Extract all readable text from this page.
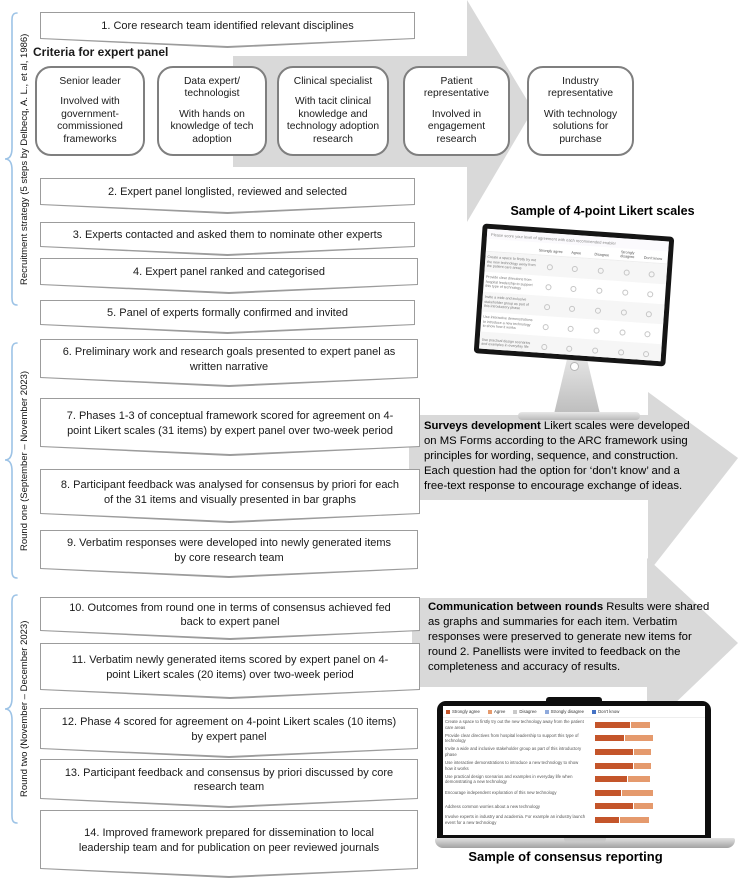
Recruitment strategy (5 steps by Delbecq, A. L., et al, 1986)
Round one (September – November 2023)
Round two (November – December 2023)
1. Core research team identified relevant disciplines
2. Expert panel longlisted, reviewed and selected
3. Experts contacted and asked them to nominate other experts
4. Expert panel ranked and categorised
5. Panel of experts formally confirmed and invited
6. Preliminary work and research goals presented to expert panel as written narrative
7. Phases 1-3 of conceptual framework scored for agreement on 4-point Likert scales (31 items) by expert panel over two-week period
8. Participant feedback was analysed for consensus by priori for each of the 31 items and visually presented in bar graphs
9. Verbatim responses were developed into newly generated items by core research team
10. Outcomes from round one in terms of consensus achieved fed back to expert panel
11. Verbatim newly generated items scored by expert panel on 4-point Likert scales (20 items) over two-week period
12. Phase 4 scored for agreement on 4-point Likert scales (10 items) by expert panel
13. Participant feedback and consensus by priori discussed by core research team
14. Improved framework prepared for dissemination to local leadership team and for publication on peer reviewed journals
Criteria for expert panel
Senior leader
Involved with government-commissioned frameworks
Data expert/ technologist
With hands on knowledge of tech adoption
Clinical specialist
With tacit clinical knowledge and technology adoption research
Patient representative
Involved in engagement research
Industry representative
With technology solutions for purchase
Surveys development Likert scales were developed on MS Forms according to the ARC framework using principles for wording, sequence, and construction. Each question had the option for ‘don’t know’ and a free-text response to encourage exchange of ideas.
Communication between rounds Results were shared as graphs and summaries for each item. Verbatim responses were preserved to generate new items for round 2. Panellists were invited to feedback on the completeness and accuracy of results.
Sample of 4-point Likert scales
Please score your level of agreement with each recommended enabler
Strongly agree	Agree	Disagree	Strongly disagree	Don’t know
Create a space to firstly try out the new technology away from the patient care areas
Provide clear directions from hospital leadership to support this type of technology
Invite a wide and inclusive stakeholder group as part of this introductory phase
Use interactive demonstrations to introduce a new technology to show how it works
Use practical design scenarios and examples in everyday life
Strongly agree	Agree	Disagree	Strongly disagree	Don’t know
Create a space to firstly try out the new technology away from the patient care areas
Provide clear directives from hospital leadership to support this type of technology
Invite a wide and inclusive stakeholder group as part of this introductory phase
Use interactive demonstrations to introduce a new technology to show how it works
Use practical design scenarios and examples in everyday life when demonstrating a new technology
Encourage independent exploration of this new technology
Address common worries about a new technology
Involve experts in industry and academia. For example an industry launch event for a new technology
Sample of consensus reporting
